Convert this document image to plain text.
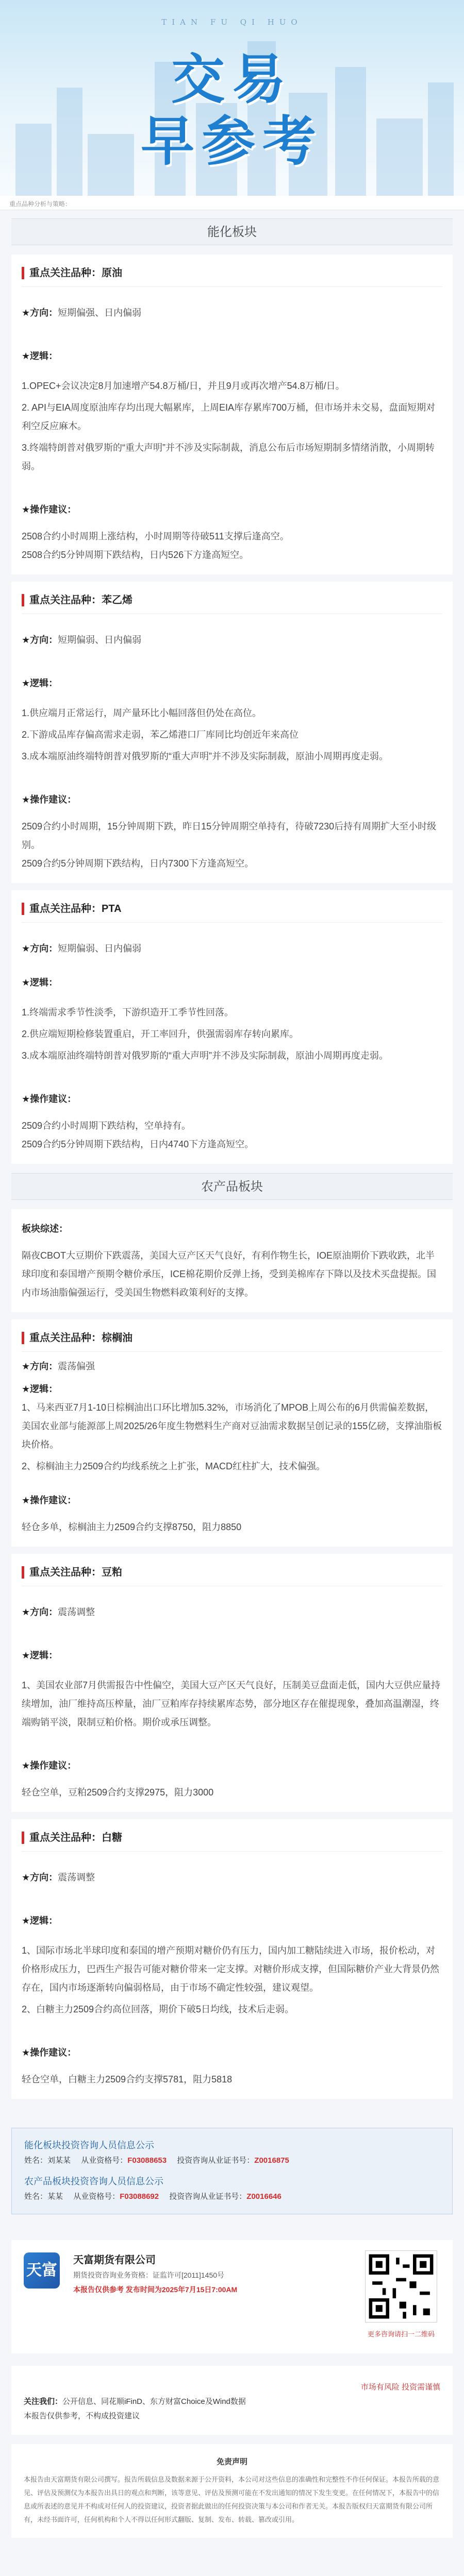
TIAN FU QI HUO
交易
早参考
重点品种分析与策略：
能化板块
重点关注品种：原油
★方向：短期偏强、日内偏弱
★逻辑：
1.OPEC+会议决定8月加速增产54.8万桶/日，并且9月或再次增产54.8万桶/日。
2. API与EIA周度原油库存均出现大幅累库，上周EIA库存累库700万桶，但市场并未交易，盘面短期对利空反应麻木。
3.终端特朗普对俄罗斯的“重大声明”并不涉及实际制裁，消息公布后市场短期制多情绪消散，小周期转弱。
★操作建议：
2508合约小时周期上涨结构，小时周期等待破511支撑后逢高空。
2508合约5分钟周期下跌结构，日内526下方逢高短空。
重点关注品种：苯乙烯
★方向：短期偏弱、日内偏弱
★逻辑：
1.供应端月正常运行，周产量环比小幅回落但仍处在高位。
2.下游成品库存偏高需求走弱，苯乙烯港口厂库同比均创近年来高位
3.成本端原油终端特朗普对俄罗斯的“重大声明”并不涉及实际制裁，原油小周期再度走弱。
★操作建议：
2509合约小时周期，15分钟周期下跌，昨日15分钟周期空单持有，待破7230后持有周期扩大至小时级别。
2509合约5分钟周期下跌结构，日内7300下方逢高短空。
重点关注品种：PTA
★方向：短期偏弱、日内偏弱
★逻辑：
1.终端需求季节性淡季，下游织造开工季节性回落。
2.供应端短期检修装置重启，开工率回升，供强需弱库存转向累库。
3.成本端原油终端特朗普对俄罗斯的“重大声明”并不涉及实际制裁，原油小周期再度走弱。
★操作建议：
2509合约小时周期下跌结构，空单持有。
2509合约5分钟周期下跌结构，日内4740下方逢高短空。
农产品板块
板块综述：
隔夜CBOT大豆期价下跌震荡，美国大豆产区天气良好，有利作物生长，IOE原油期价下跌收跌，北半球印度和泰国增产预期令糖价承压，ICE棉花期价反弹上扬，受到美棉库存下降以及技术买盘提振。国内市场油脂偏强运行，受美国生物燃料政策利好的支撑。
重点关注品种：棕榈油
★方向：震荡偏强
★逻辑：
1、马来西亚7月1-10日棕榈油出口环比增加5.32%，市场消化了MPOB上周公布的6月供需偏差数据，美国农业部与能源部上周2025/26年度生物燃料生产商对豆油需求数据呈创记录的155亿磅，支撑油脂板块价格。
2、棕榈油主力2509合约均线系统之上扩张，MACD红柱扩大，技术偏强。
★操作建议：
轻仓多单，棕榈油主力2509合约支撑8750，阻力8850
重点关注品种：豆粕
★方向：震荡调整
★逻辑：
1、美国农业部7月供需报告中性偏空，美国大豆产区天气良好，压制美豆盘面走低，国内大豆供应量持续增加，油厂维持高压榨量，油厂豆粕库存持续累库态势，部分地区存在催提现象，叠加高温潮湿，终端购销平淡，限制豆粕价格。期价或承压调整。
★操作建议：
轻仓空单，豆粕2509合约支撑2975，阻力3000
重点关注品种：白糖
★方向：震荡调整
★逻辑：
1、国际市场北半球印度和泰国的增产预期对糖价仍有压力，国内加工糖陆续进入市场，报价松动，对价格形成压力，巴西生产报告可能对糖价带来一定支撑。对糖价形成支撑，但国际糖价产业大背景仍然存在，国内市场逐渐转向偏弱格局，由于市场不确定性较强，建议观望。
2、白糖主力2509合约高位回落，期价下破5日均线，技术后走弱。
★操作建议：
轻仓空单，白糖主力2509合约支撑5781，阻力5818
能化板块投资咨询人员信息公示
姓名：刘某某 从业资格号：F03088653 投资咨询从业证书号：Z0016875
农产品板块投资咨询人员信息公示
姓名：某某 从业资格号：F03088692 投资咨询从业证书号：Z0016646
天富
天富期货有限公司
期货投资咨询业务资格：证监许可[2011]1450号
本报告仅供参考 发布时间为2025年7月15日7:00AM
更多咨询请扫一二维码
市场有风险 投资需谨慎
关注我们：公开信息、同花顺iFinD、东方财富Choice及Wind数据
本报告仅供参考，不构成投资建议
免责声明
本报告由天富期货有限公司撰写。报告所载信息及数据来源于公开资料，本公司对这些信息的准确性和完整性不作任何保证。本报告所载的意见、评估及预测仅为本报告出具日的观点和判断，该等意见、评估及预测可能在不发出通知的情况下发生变更。在任何情况下，本报告中的信息或所表述的意见并不构成对任何人的投资建议，投资者据此做出的任何投资决策与本公司和作者无关。本报告版权归天富期货有限公司所有，未经书面许可，任何机构和个人不得以任何形式翻版、复制、发布、转载、篡改或引用。
